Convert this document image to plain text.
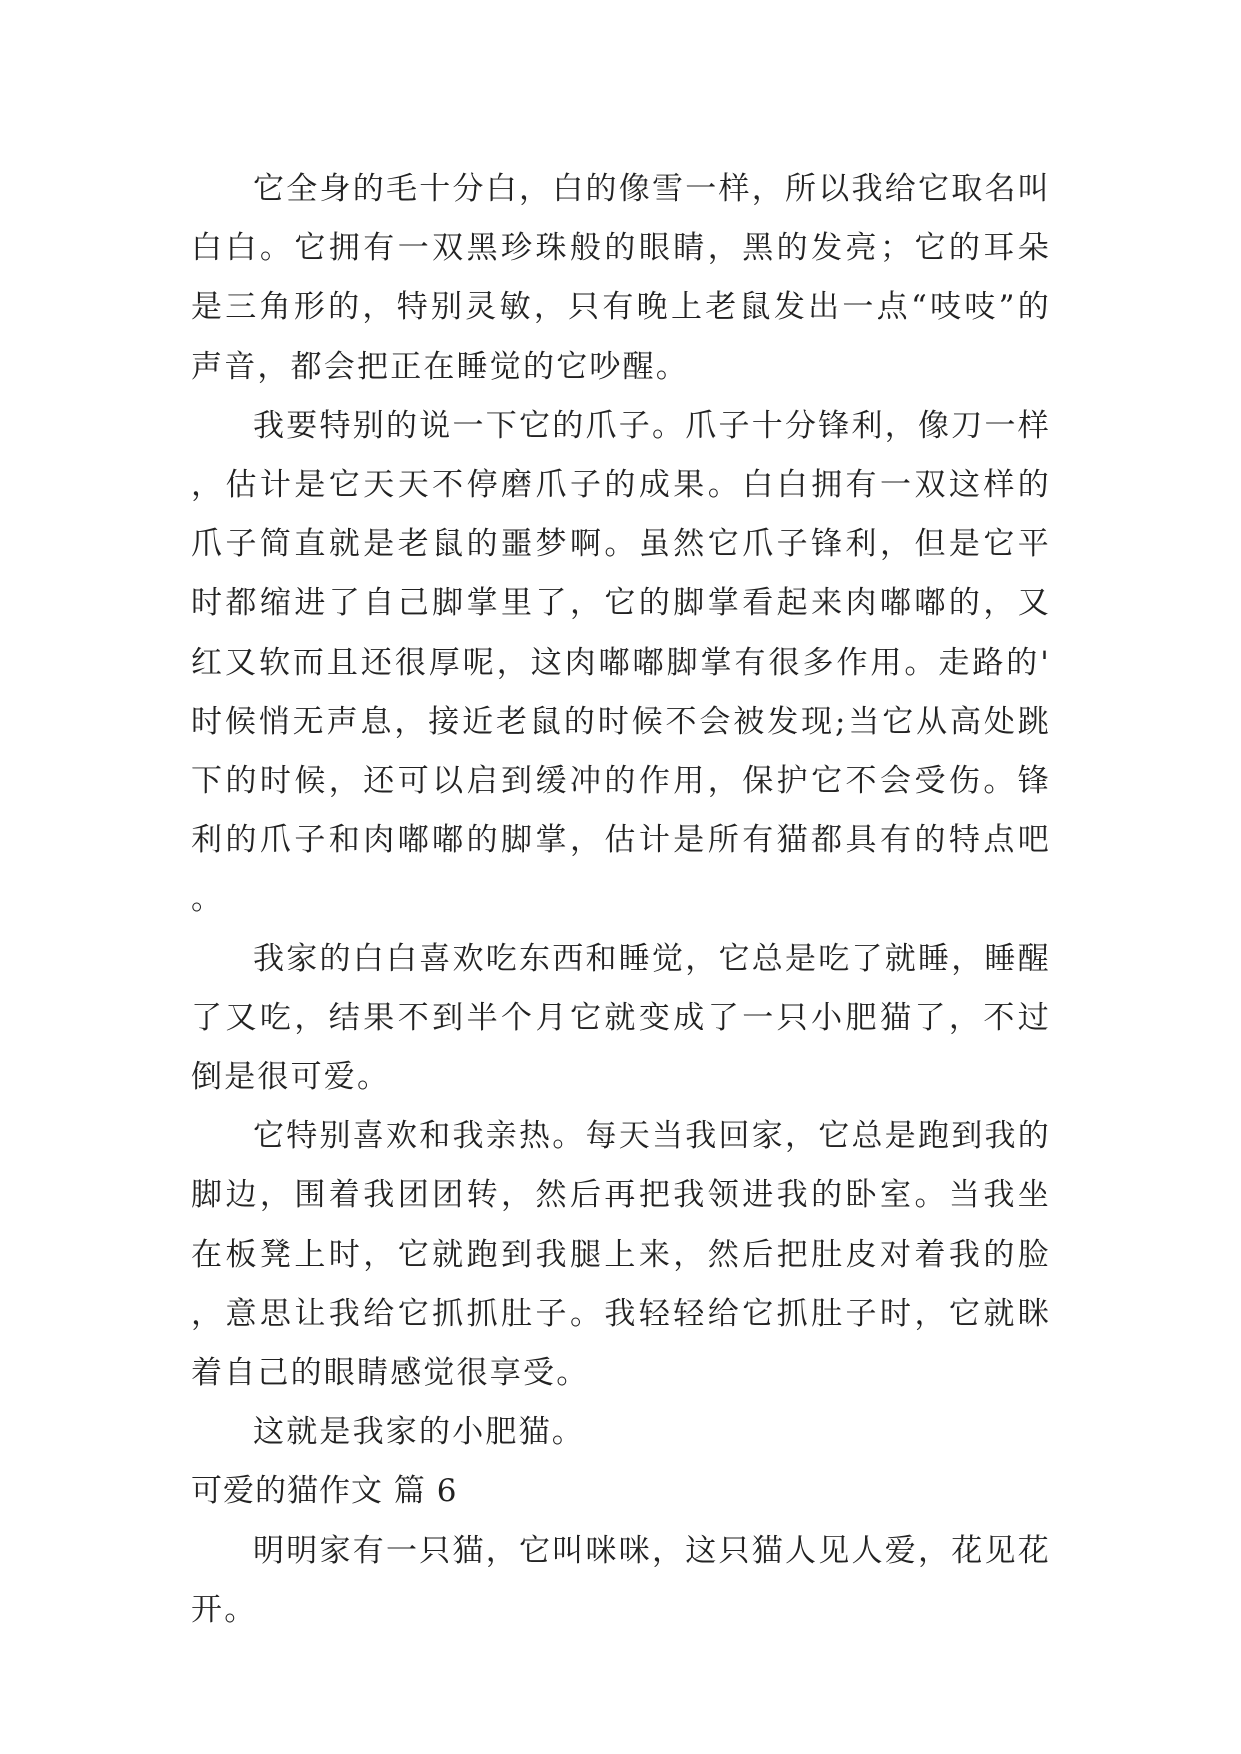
它全身的毛十分白，白的像雪一样，所以我给它取名叫白白。它拥有一双黑珍珠般的眼睛，黑的发亮；它的耳朵是三角形的，特别灵敏，只有晚上老鼠发出一点“吱吱”的声音，都会把正在睡觉的它吵醒。

我要特别的说一下它的爪子。爪子十分锋利，像刀一样，估计是它天天不停磨爪子的成果。白白拥有一双这样的爪子简直就是老鼠的噩梦啊。虽然它爪子锋利，但是它平时都缩进了自己脚掌里了，它的脚掌看起来肉嘟嘟的，又红又软而且还很厚呢，这肉嘟嘟脚掌有很多作用。走路的'时候悄无声息，接近老鼠的时候不会被发现;当它从高处跳下的时候，还可以启到缓冲的作用，保护它不会受伤。锋利的爪子和肉嘟嘟的脚掌，估计是所有猫都具有的特点吧。

我家的白白喜欢吃东西和睡觉，它总是吃了就睡，睡醒了又吃，结果不到半个月它就变成了一只小肥猫了，不过倒是很可爱。

它特别喜欢和我亲热。每天当我回家，它总是跑到我的脚边，围着我团团转，然后再把我领进我的卧室。当我坐在板凳上时，它就跑到我腿上来，然后把肚皮对着我的脸，意思让我给它抓抓肚子。我轻轻给它抓肚子时，它就眯着自己的眼睛感觉很享受。

这就是我家的小肥猫。

可爱的猫作文 篇 6

明明家有一只猫，它叫咪咪，这只猫人见人爱，花见花开。
